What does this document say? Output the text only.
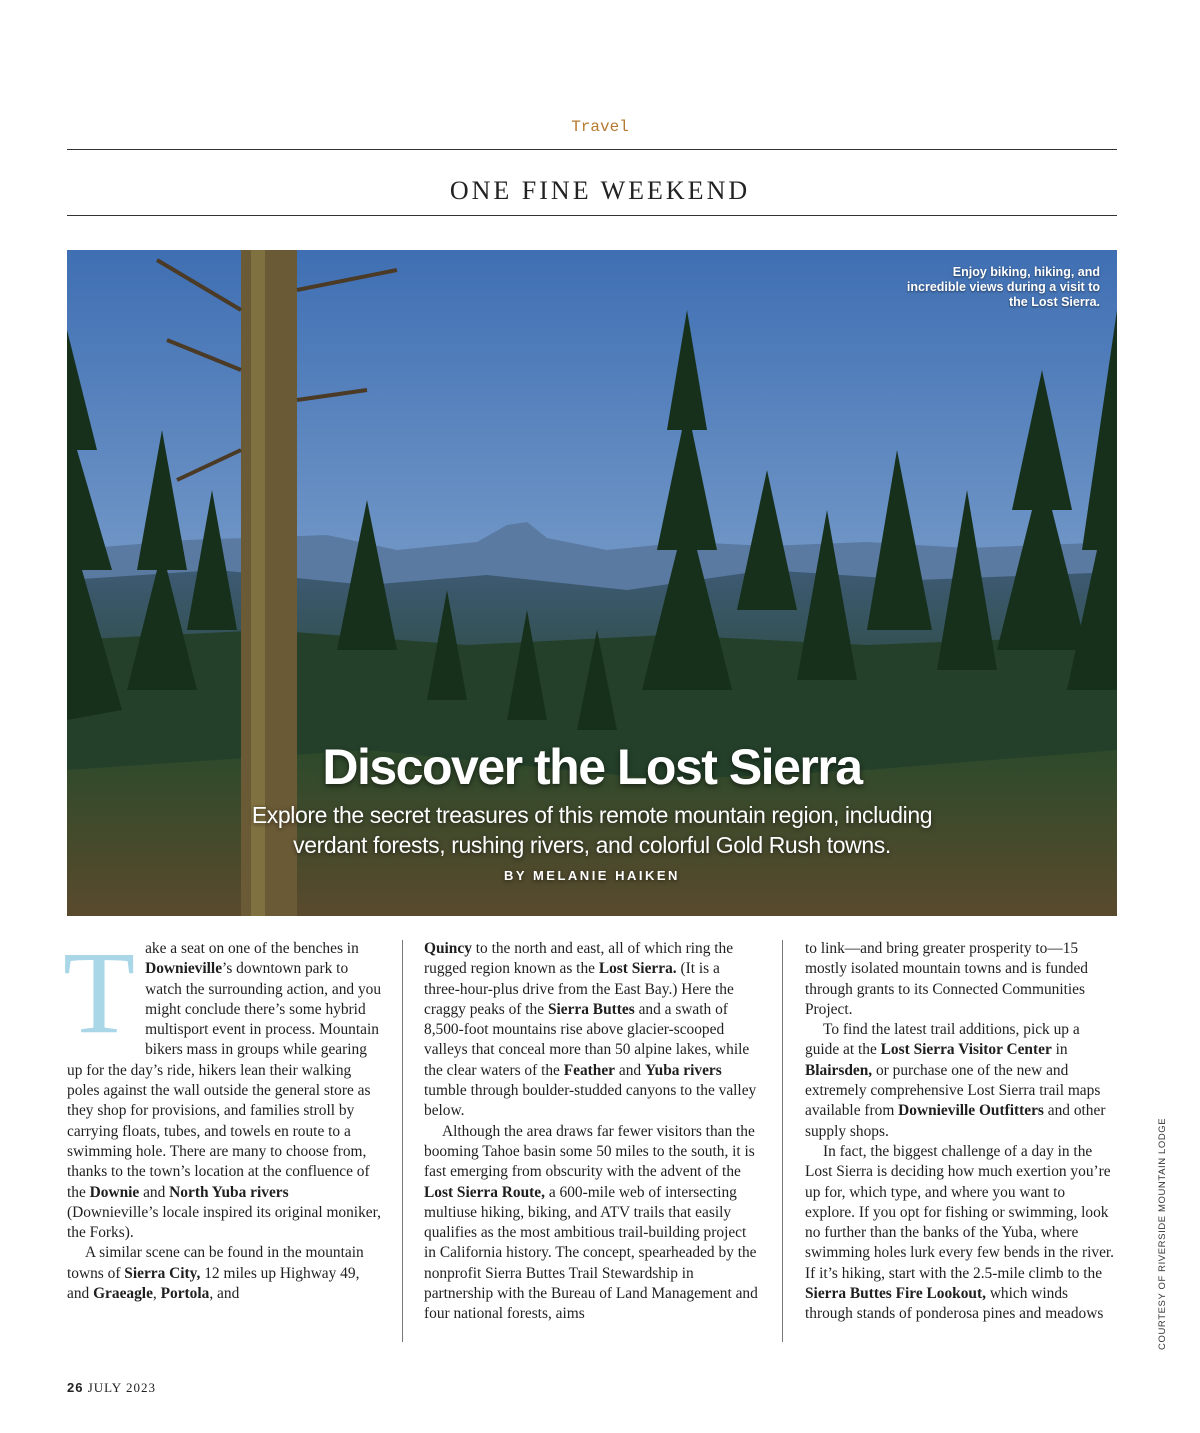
Travel
ONE FINE WEEKEND
Enjoy biking, hiking, and incredible views during a visit to the Lost Sierra.
Discover the Lost Sierra
Explore the secret treasures of this remote mountain region, including verdant forests, rushing rivers, and colorful Gold Rush towns.
BY MELANIE HAIKEN
T ake a seat on one of the benches in Downieville’s downtown park to watch the surrounding action, and you might conclude there’s some hybrid multisport event in process. Mountain bikers mass in groups while gearing up for the day’s ride, hikers lean their walking poles against the wall outside the general store as they shop for provisions, and families stroll by carrying floats, tubes, and towels en route to a swimming hole. There are many to choose from, thanks to the town’s location at the confluence of the Downie and North Yuba rivers (Downieville’s locale inspired its original moniker, the Forks).

A similar scene can be found in the mountain towns of Sierra City, 12 miles up Highway 49, and Graeagle, Portola, and

Quincy to the north and east, all of which ring the rugged region known as the Lost Sierra. (It is a three-hour-plus drive from the East Bay.) Here the craggy peaks of the Sierra Buttes and a swath of 8,500-foot mountains rise above glacier-scooped valleys that conceal more than 50 alpine lakes, while the clear waters of the Feather and Yuba rivers tumble through boulder-studded canyons to the valley below.

Although the area draws far fewer visitors than the booming Tahoe basin some 50 miles to the south, it is fast emerging from obscurity with the advent of the Lost Sierra Route, a 600-mile web of intersecting multiuse hiking, biking, and ATV trails that easily qualifies as the most ambitious trail-building project in California history. The concept, spearheaded by the nonprofit Sierra Buttes Trail Stewardship in partnership with the Bureau of Land Management and four national forests, aims

to link—and bring greater prosperity to—15 mostly isolated mountain towns and is funded through grants to its Connected Communities Project.

To find the latest trail additions, pick up a guide at the Lost Sierra Visitor Center in Blairsden, or purchase one of the new and extremely comprehensive Lost Sierra trail maps available from Downieville Outfitters and other supply shops.

In fact, the biggest challenge of a day in the Lost Sierra is deciding how much exertion you’re up for, which type, and where you want to explore. If you opt for fishing or swimming, look no further than the banks of the Yuba, where swimming holes lurk every few bends in the river. If it’s hiking, start with the 2.5-mile climb to the Sierra Buttes Fire Lookout, which winds through stands of ponderosa pines and meadows	COURTESY OF RIVERSIDE MOUNTAIN LODGE
26 JULY 2023
